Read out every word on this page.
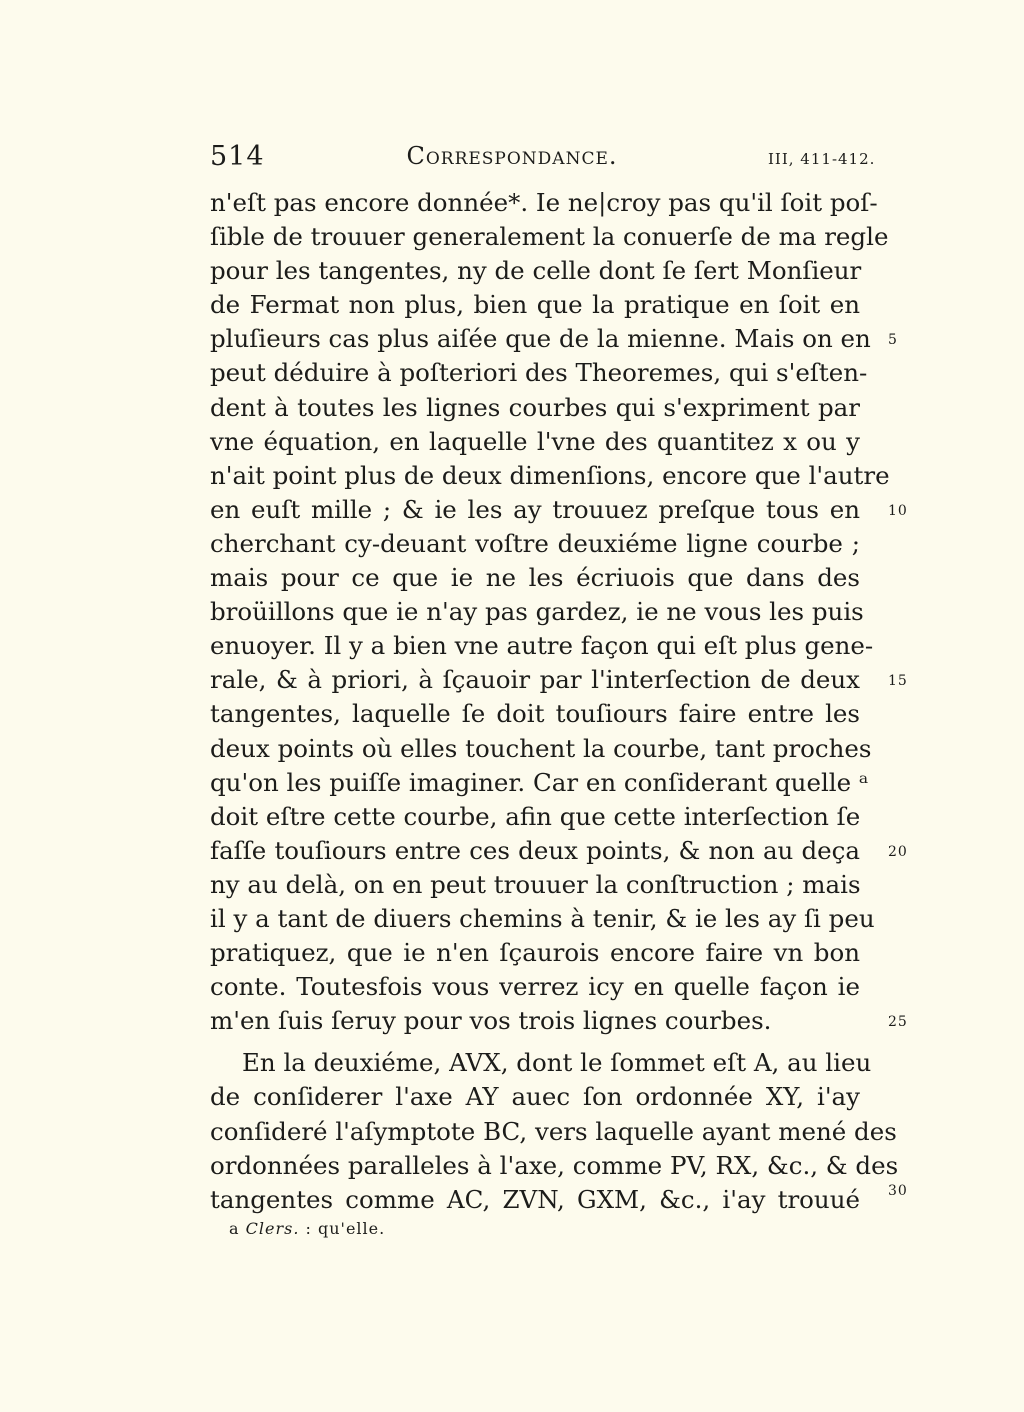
514	Correspondance.	III, 411-412.
n'eſt pas encore donnée*. Ie ne|croy pas qu'il ſoit poſ-
ſible de trouuer generalement la conuerſe de ma regle
pour les tangentes, ny de celle dont ſe ſert Monſieur
de Fermat non plus, bien que la pratique en ſoit en
pluſieurs cas plus aiſée que de la mienne. Mais on en
peut déduire à poſteriori des Theoremes, qui s'eſten-
dent à toutes les lignes courbes qui s'expriment par
vne équation, en laquelle l'vne des quantitez x ou y
n'ait point plus de deux dimenſions, encore que l'autre
en euſt mille ; & ie les ay trouuez preſque tous en
cherchant cy-deuant voſtre deuxiéme ligne courbe ;
mais pour ce que ie ne les écriuois que dans des
broüillons que ie n'ay pas gardez, ie ne vous les puis
enuoyer. Il y a bien vne autre façon qui eſt plus gene-
rale, & à priori, à ſçauoir par l'interſection de deux
tangentes, laquelle ſe doit touſiours faire entre les
deux points où elles touchent la courbe, tant proches
qu'on les puiſſe imaginer. Car en conſiderant quelle ᵃ
doit eſtre cette courbe, afin que cette interſection ſe
faſſe touſiours entre ces deux points, & non au deça
ny au delà, on en peut trouuer la conſtruction ; mais
il y a tant de diuers chemins à tenir, & ie les ay ſi peu
pratiquez, que ie n'en ſçaurois encore faire vn bon
conte. Toutesfois vous verrez icy en quelle façon ie
m'en ſuis ſeruy pour vos trois lignes courbes.
En la deuxiéme, AVX, dont le ſommet eſt A, au lieu
de conſiderer l'axe AY auec ſon ordonnée XY, i'ay
conſideré l'aſymptote BC, vers laquelle ayant mené des
ordonnées paralleles à l'axe, comme PV, RX, &c., & des
tangentes comme AC, ZVN, GXM, &c., i'ay trouué
5
10
15
20
25
30
a Clers. : qu'elle.
